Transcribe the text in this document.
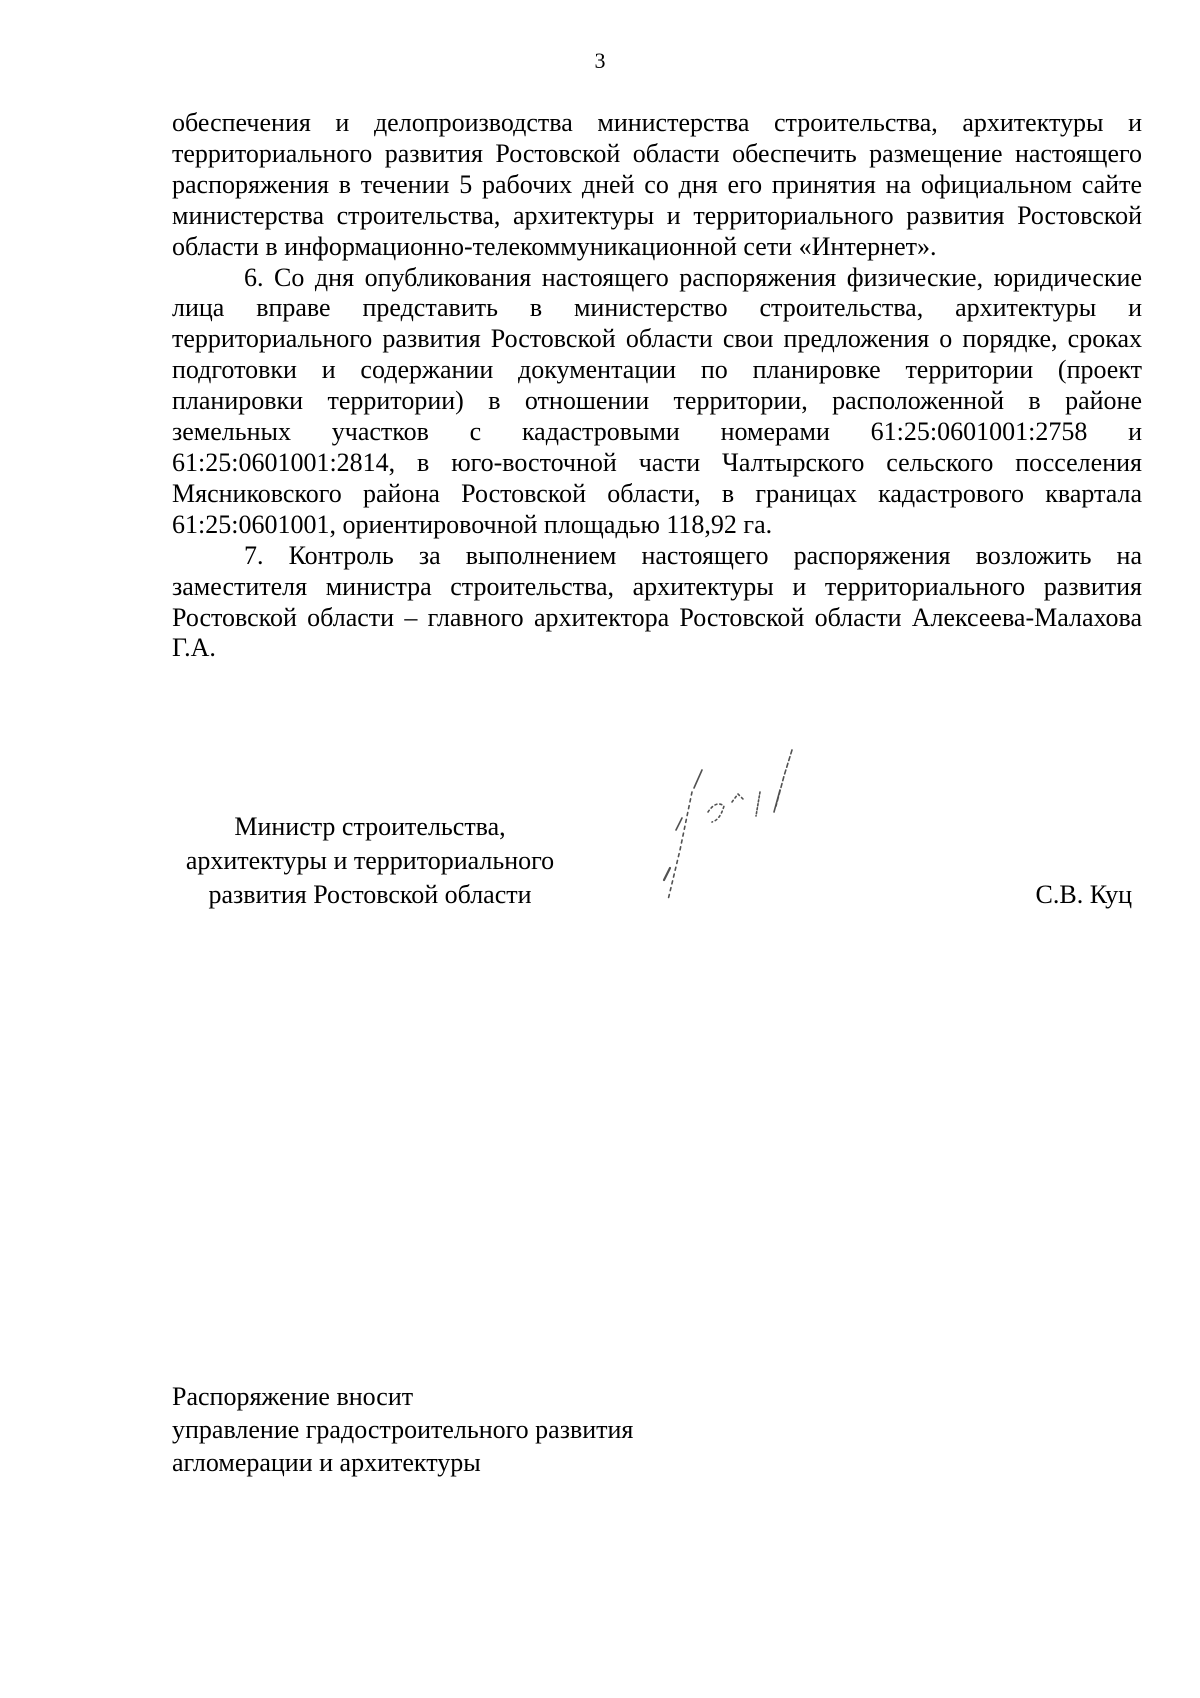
3

обеспечения и делопроизводства министерства строительства, архитектуры и территориального развития Ростовской области обеспечить размещение настоящего распоряжения в течении 5 рабочих дней со дня его принятия на официальном сайте министерства строительства, архитектуры и территориального развития Ростовской области в информационно-телекоммуникационной сети «Интернет».

6. Со дня опубликования настоящего распоряжения физические, юридические лица вправе представить в министерство строительства, архитектуры и территориального развития Ростовской области свои предложения о порядке, сроках подготовки и содержании документации по планировке территории (проект планировки территории) в отношении территории, расположенной в районе земельных участков с кадастровыми номерами 61:25:0601001:2758 и 61:25:0601001:2814, в юго-восточной части Чалтырского сельского посселения Мясниковского района Ростовской области, в границах кадастрового квартала 61:25:0601001, ориентировочной площадью 118,92 га.

7. Контроль за выполнением настоящего распоряжения возложить на заместителя министра строительства, архитектуры и территориального развития Ростовской области – главного архитектора Ростовской области Алексеева-Малахова Г.А.

Министр строительства,
архитектуры и территориального
развития Ростовской области	С.В. Куц
Распоряжение вносит
управление градостроительного развития
агломерации и архитектуры
